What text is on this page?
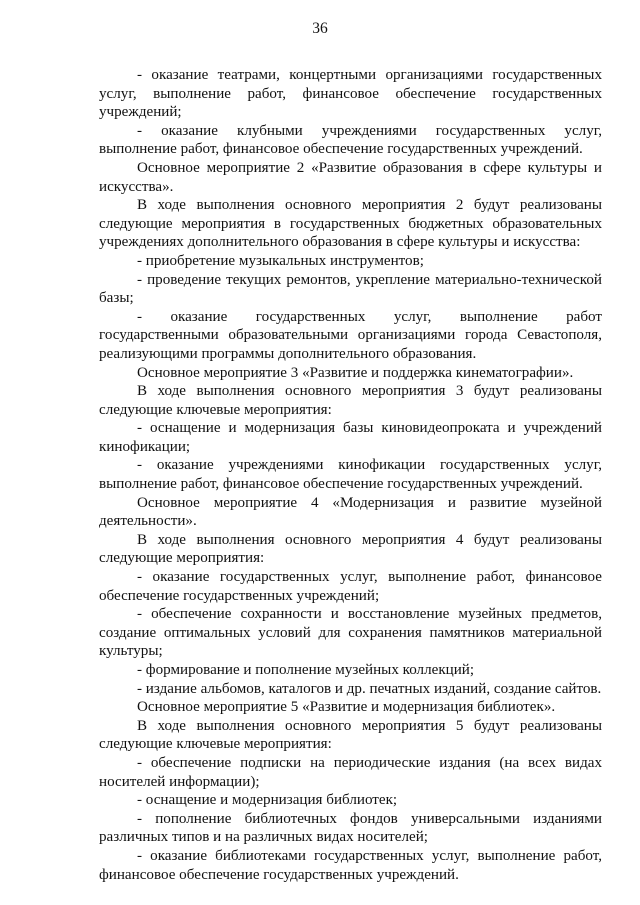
36

- оказание театрами, концертными организациями государственных услуг, выполнение работ, финансовое обеспечение государственных учреждений;

- оказание клубными учреждениями государственных услуг, выполнение работ, финансовое обеспечение государственных учреждений.

Основное мероприятие 2 «Развитие образования в сфере культуры и искусства».

В ходе выполнения основного мероприятия 2 будут реализованы следующие мероприятия в государственных бюджетных образовательных учреждениях дополнительного образования в сфере культуры и искусства:

- приобретение музыкальных инструментов;

- проведение текущих ремонтов, укрепление материально-технической базы;

- оказание государственных услуг, выполнение работ государственными образовательными организациями города Севастополя, реализующими программы дополнительного образования.

Основное мероприятие 3 «Развитие и поддержка кинематографии».

В ходе выполнения основного мероприятия 3 будут реализованы следующие ключевые мероприятия:

- оснащение и модернизация базы киновидеопроката и учреждений кинофикации;

- оказание учреждениями кинофикации государственных услуг, выполнение работ, финансовое обеспечение государственных учреждений.

Основное мероприятие 4 «Модернизация и развитие музейной деятельности».

В ходе выполнения основного мероприятия 4 будут реализованы следующие мероприятия:

- оказание государственных услуг, выполнение работ, финансовое обеспечение государственных учреждений;

- обеспечение сохранности и восстановление музейных предметов, создание оптимальных условий для сохранения памятников материальной культуры;

- формирование и пополнение музейных коллекций;

- издание альбомов, каталогов и др. печатных изданий, создание сайтов.

Основное мероприятие 5 «Развитие и модернизация библиотек».

В ходе выполнения основного мероприятия 5 будут реализованы следующие ключевые мероприятия:

- обеспечение подписки на периодические издания (на всех видах носителей информации);

- оснащение и модернизация библиотек;

- пополнение библиотечных фондов универсальными изданиями различных типов и на различных видах носителей;

- оказание библиотеками государственных услуг, выполнение работ, финансовое обеспечение государственных учреждений.
